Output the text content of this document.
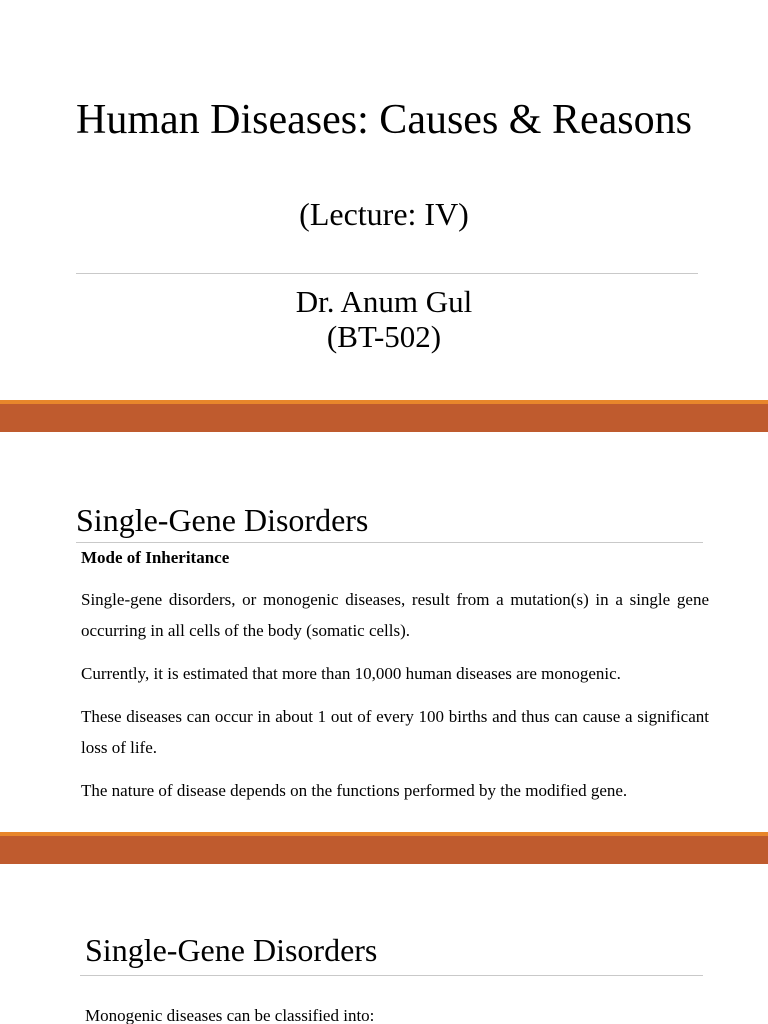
Human Diseases: Causes & Reasons
(Lecture: IV)
Dr. Anum Gul
(BT-502)
Single-Gene Disorders
Mode of Inheritance

Single-gene disorders, or monogenic diseases, result from a mutation(s) in a single gene occurring in all cells of the body (somatic cells).

Currently, it is estimated that more than 10,000 human diseases are monogenic.

These diseases can occur in about 1 out of every 100 births and thus can cause a significant loss of life.

The nature of disease depends on the functions performed by the modified gene.

Single-Gene Disorders
Monogenic diseases can be classified into:
